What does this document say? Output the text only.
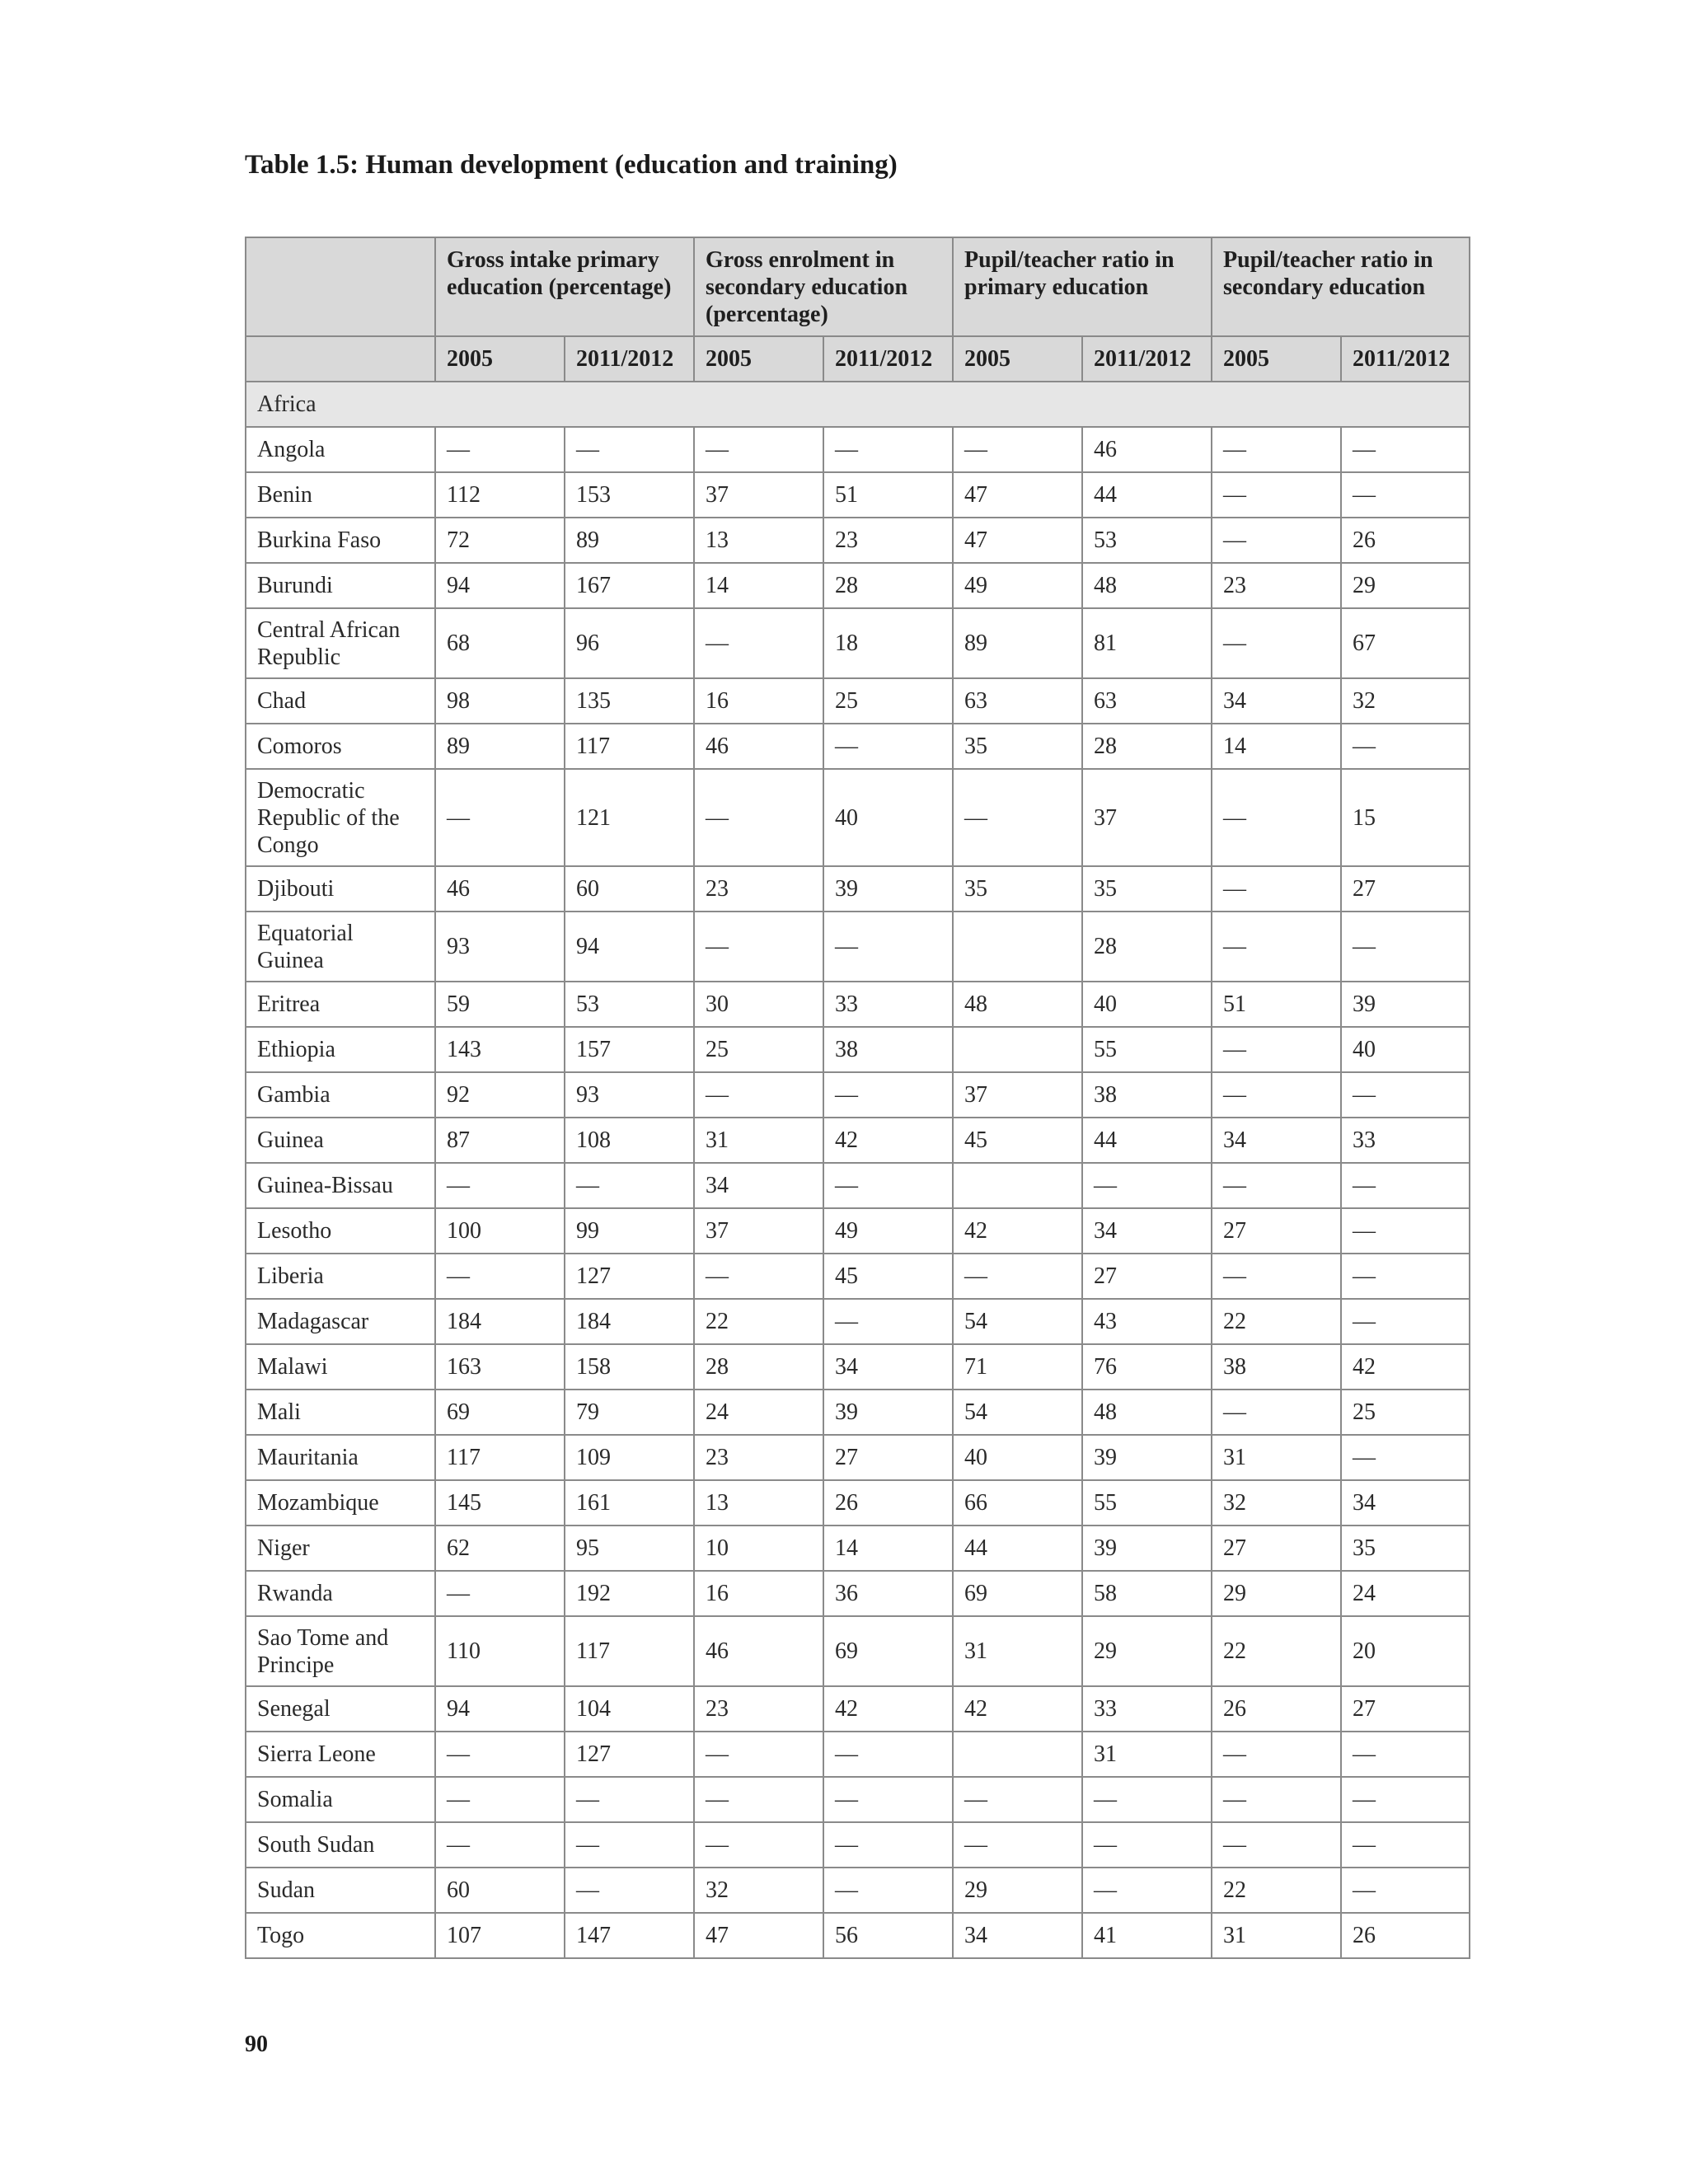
Table 1.5: Human development (education and training)
	Gross intake primary education (percentage)		Gross enrolment in secondary education (percentage)		Pupil/teacher ratio in primary education		Pupil/teacher ratio in secondary education	
	2005	2011/2012	2005	2011/2012	2005	2011/2012	2005	2011/2012
Africa								
Angola	—	—	—	—	—	46	—	—
Benin	112	153	37	51	47	44	—	—
Burkina Faso	72	89	13	23	47	53	—	26
Burundi	94	167	14	28	49	48	23	29
Central African Republic	68	96	—	18	89	81	—	67
Chad	98	135	16	25	63	63	34	32
Comoros	89	117	46	—	35	28	14	—
Democratic Republic of the Congo	—	121	—	40	—	37	—	15
Djibouti	46	60	23	39	35	35	—	27
Equatorial Guinea	93	94	—	—		28	—	—
Eritrea	59	53	30	33	48	40	51	39
Ethiopia	143	157	25	38		55	—	40
Gambia	92	93	—	—	37	38	—	—
Guinea	87	108	31	42	45	44	34	33
Guinea-Bissau	—	—	34	—		—	—	—
Lesotho	100	99	37	49	42	34	27	—
Liberia	—	127	—	45	—	27	—	—
Madagascar	184	184	22	—	54	43	22	—
Malawi	163	158	28	34	71	76	38	42
Mali	69	79	24	39	54	48	—	25
Mauritania	117	109	23	27	40	39	31	—
Mozambique	145	161	13	26	66	55	32	34
Niger	62	95	10	14	44	39	27	35
Rwanda	—	192	16	36	69	58	29	24
Sao Tome and Principe	110	117	46	69	31	29	22	20
Senegal	94	104	23	42	42	33	26	27
Sierra Leone	—	127	—	—		31	—	—
Somalia	—	—	—	—	—	—	—	—
South Sudan	—	—	—	—	—	—	—	—
Sudan	60	—	32	—	29	—	22	—
Togo	107	147	47	56	34	41	31	26
90
